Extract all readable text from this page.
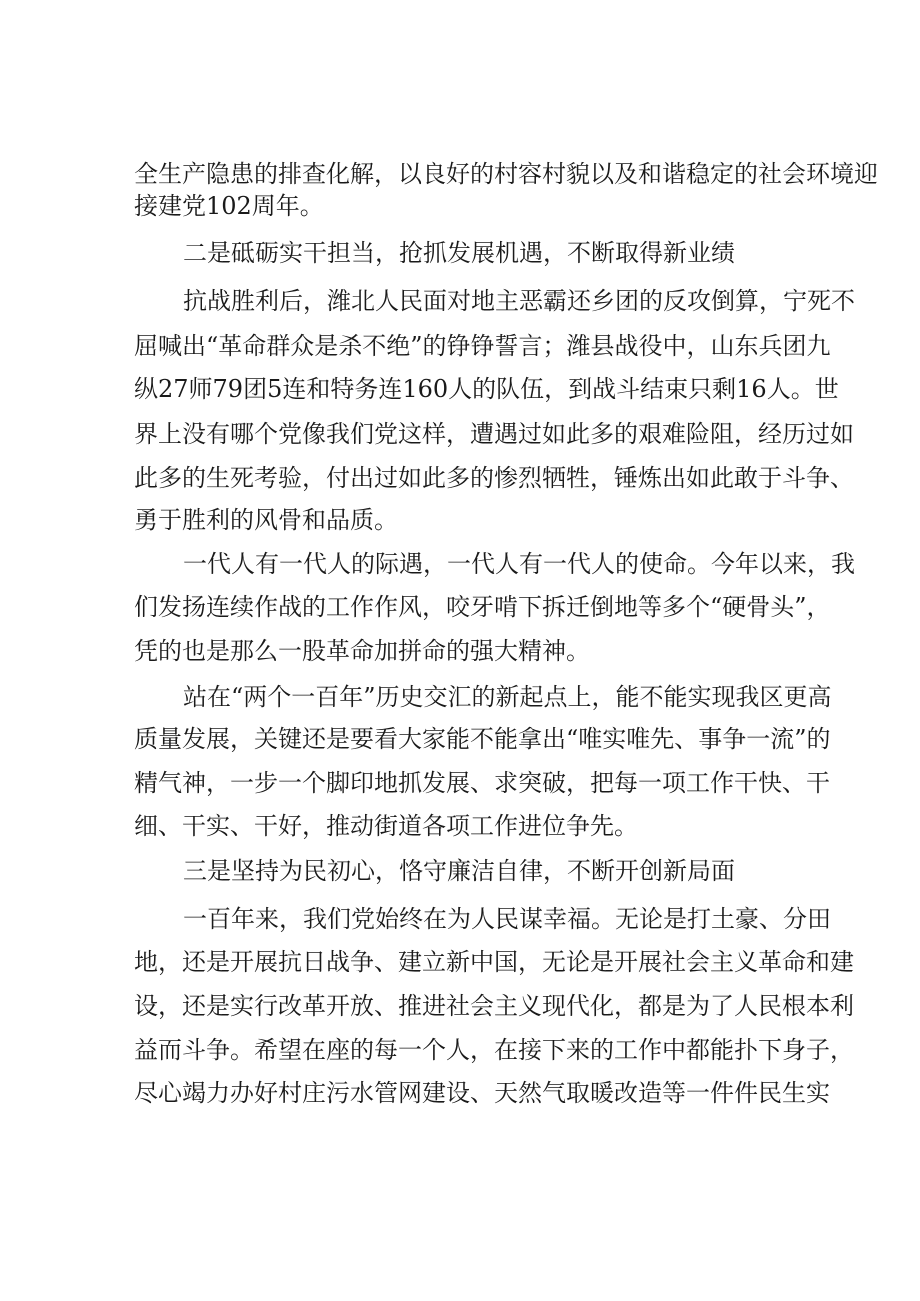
全生产隐患的排查化解，以良好的村容村貌以及和谐稳定的社会环境迎
接建党102周年。
二是砥砺实干担当，抢抓发展机遇，不断取得新业绩
抗战胜利后，潍北人民面对地主恶霸还乡团的反攻倒算，宁死不
屈喊出“革命群众是杀不绝”的铮铮誓言；潍县战役中，山东兵团九
纵27师79团5连和特务连160人的队伍，到战斗结束只剩16人。世
界上没有哪个党像我们党这样，遭遇过如此多的艰难险阻，经历过如
此多的生死考验，付出过如此多的惨烈牺牲，锤炼出如此敢于斗争、
勇于胜利的风骨和品质。
一代人有一代人的际遇，一代人有一代人的使命。今年以来，我
们发扬连续作战的工作作风，咬牙啃下拆迁倒地等多个“硬骨头”，
凭的也是那么一股革命加拼命的强大精神。
站在“两个一百年”历史交汇的新起点上，能不能实现我区更高
质量发展，关键还是要看大家能不能拿出“唯实唯先、事争一流”的
精气神，一步一个脚印地抓发展、求突破，把每一项工作干快、干
细、干实、干好，推动街道各项工作进位争先。
三是坚持为民初心，恪守廉洁自律，不断开创新局面
一百年来，我们党始终在为人民谋幸福。无论是打土豪、分田
地，还是开展抗日战争、建立新中国，无论是开展社会主义革命和建
设，还是实行改革开放、推进社会主义现代化，都是为了人民根本利
益而斗争。希望在座的每一个人，在接下来的工作中都能扑下身子，
尽心竭力办好村庄污水管网建设、天然气取暖改造等一件件民生实
